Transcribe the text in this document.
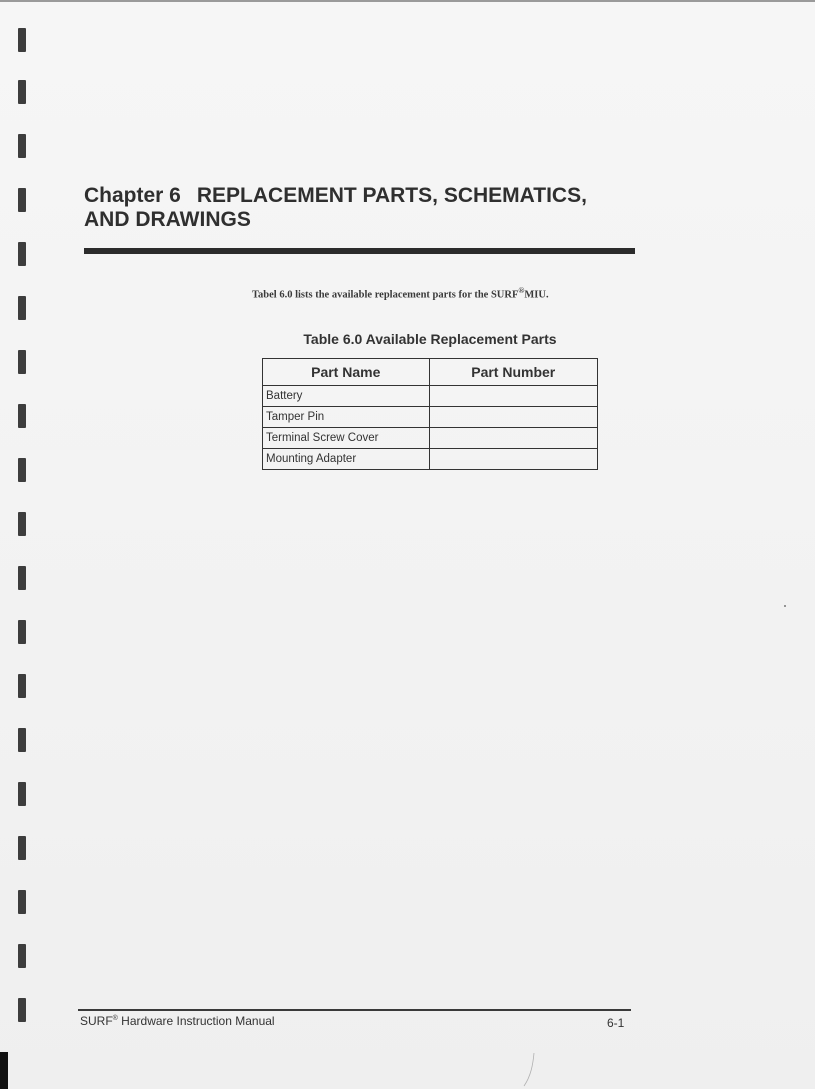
Chapter 6 REPLACEMENT PARTS, SCHEMATICS,
AND DRAWINGS
Tabel 6.0 lists the available replacement parts for the SURF®MIU.
Table 6.0 Available Replacement Parts
Part Name	Part Number
Battery	
Tamper Pin	
Terminal Screw Cover	
Mounting Adapter	
SURF® Hardware Instruction Manual	6-1
